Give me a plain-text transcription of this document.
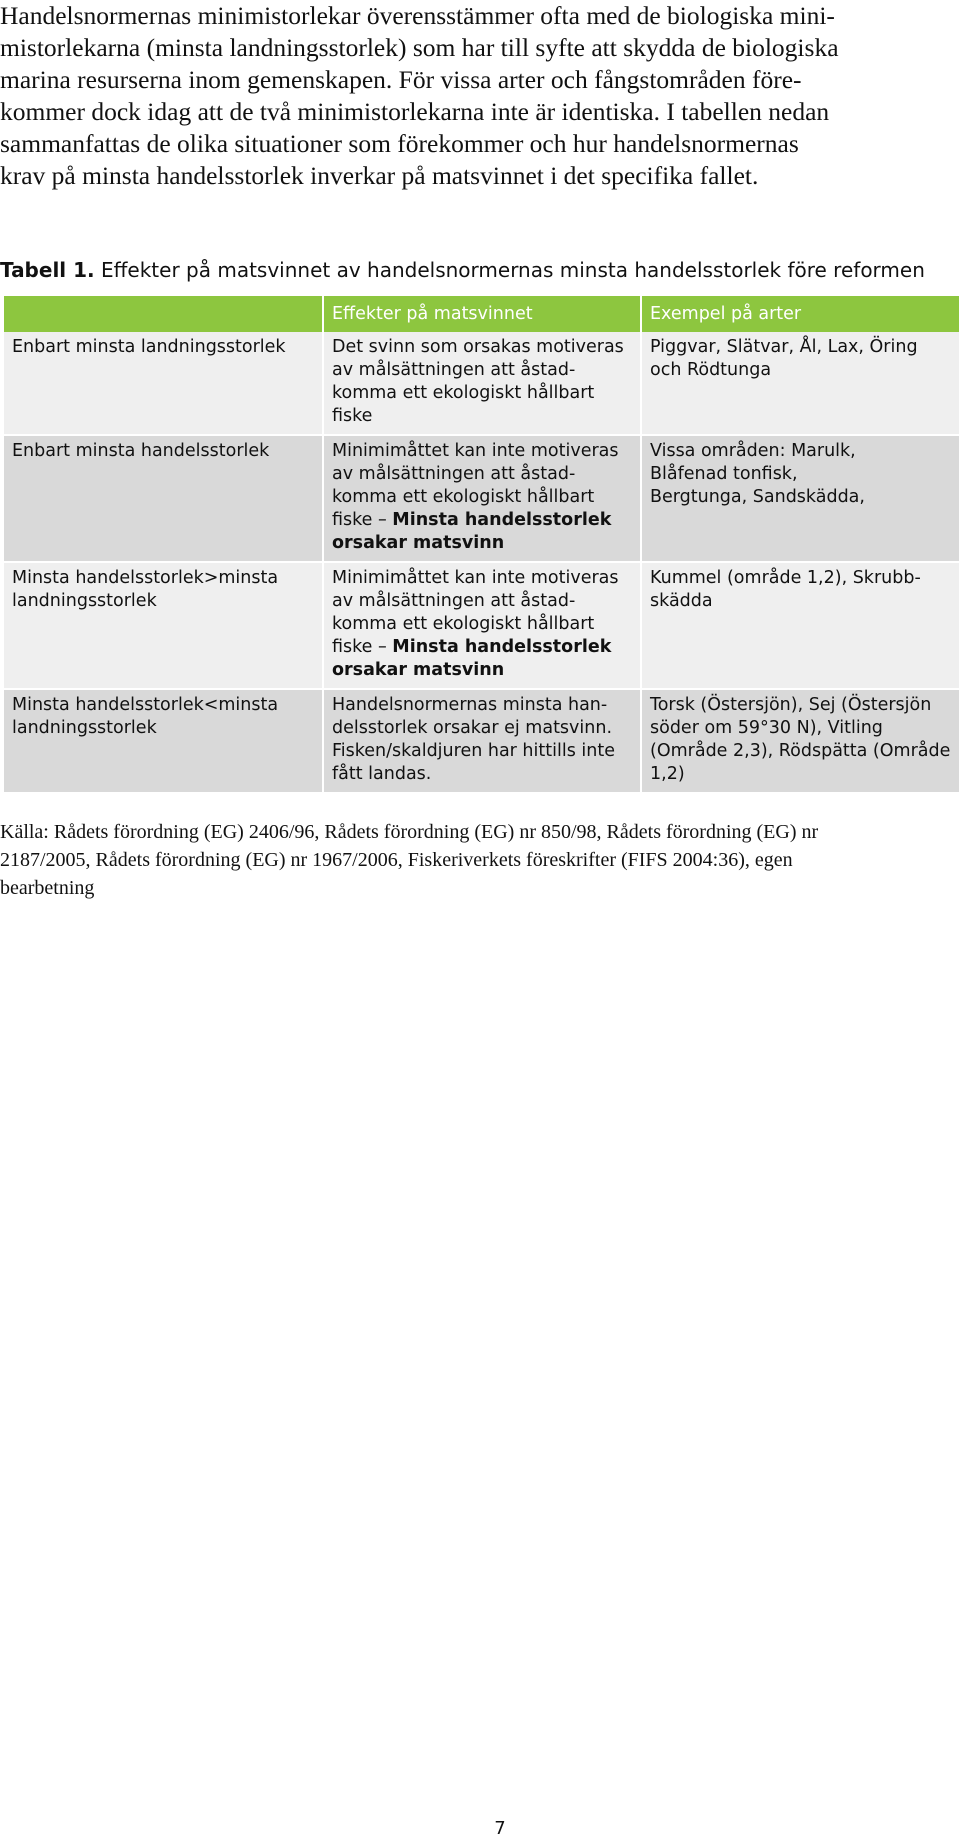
Handelsnormernas minimistorlekar överensstämmer ofta med de biologiska mini-
mistorlekarna (minsta landningsstorlek) som har till syfte att skydda de biologiska
marina resurserna inom gemenskapen. För vissa arter och fångstområden före-
kommer dock idag att de två minimistorlekarna inte är identiska. I tabellen nedan
sammanfattas de olika situationer som förekommer och hur handelsnormernas
krav på minsta handelsstorlek inverkar på matsvinnet i det specifika fallet.
Tabell 1. Effekter på matsvinnet av handelsnormernas minsta handelsstorlek före reformen
	Effekter på matsvinnet	Exempel på arter

Enbart minsta landningsstorlek	Det svinn som orsakas motiveras
av målsättningen att åstad-
komma ett ekologiskt hållbart
fiske	Piggvar, Slätvar, Ål, Lax, Öring
och Rödtunga

Enbart minsta handelsstorlek	Minimimåttet kan inte motiveras
av målsättningen att åstad-
komma ett ekologiskt hållbart
fiske – Minsta handelsstorlek
orsakar matsvinn	Vissa områden: Marulk,
Blåfenad tonfisk,
Bergtunga, Sandskädda,

Minsta handelsstorlek>minsta
landningsstorlek	Minimimåttet kan inte motiveras
av målsättningen att åstad-
komma ett ekologiskt hållbart
fiske – Minsta handelsstorlek
orsakar matsvinn	Kummel (område 1,2), Skrubb-
skädda

Minsta handelsstorlek<minsta
landningsstorlek	Handelsnormernas minsta han-
delsstorlek orsakar ej matsvinn.
Fisken/skaldjuren har hittills inte
fått landas.	Torsk (Östersjön), Sej (Östersjön
söder om 59°30 N), Vitling
(Område 2,3), Rödspätta (Område
1,2)
Källa: Rådets förordning (EG) 2406/96, Rådets förordning (EG) nr 850/98, Rådets förordning (EG) nr
2187/2005, Rådets förordning (EG) nr 1967/2006, Fiskeriverkets föreskrifter (FIFS 2004:36), egen
bearbetning
7
